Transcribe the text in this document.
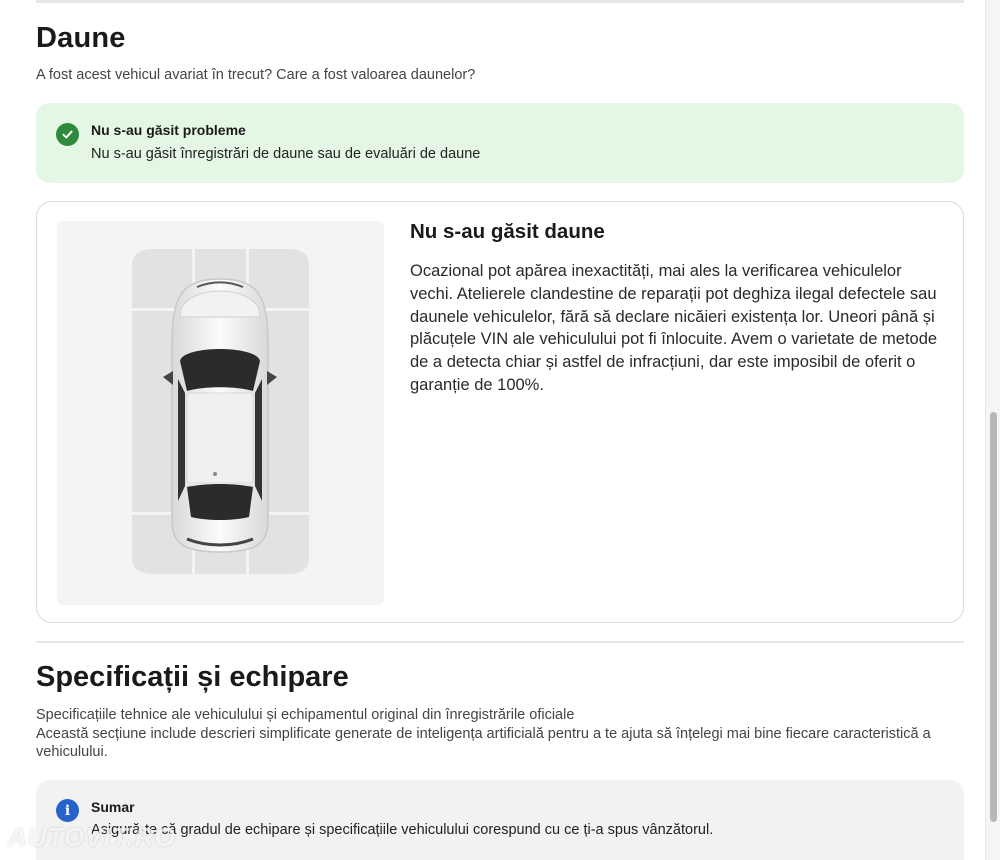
Daune
A fost acest vehicul avariat în trecut? Care a fost valoarea daunelor?
Nu s-au găsit probleme
Nu s-au găsit înregistrări de daune sau de evaluări de daune
Nu s-au găsit daune

Ocazional pot apărea inexactități, mai ales la verificarea vehiculelor vechi. Atelierele clandestine de reparații pot deghiza ilegal defectele sau daunele vehiculelor, fără să declare nicăieri existența lor. Uneori până și plăcuțele VIN ale vehiculului pot fi înlocuite. Avem o varietate de metode de a detecta chiar și astfel de infracțiuni, dar este imposibil de oferit o garanție de 100%.

Specificații și echipare
Specificațiile tehnice ale vehiculului și echipamentul original din înregistrările oficiale
Această secțiune include descrieri simplificate generate de inteligența artificială pentru a te ajuta să înțelegi mai bine fiecare caracteristică a vehiculului.
i	Sumar
Asigură-te că gradul de echipare și specificațiile vehiculului corespund cu ce ți-a spus vânzătorul.
AUTOVIT.RO
